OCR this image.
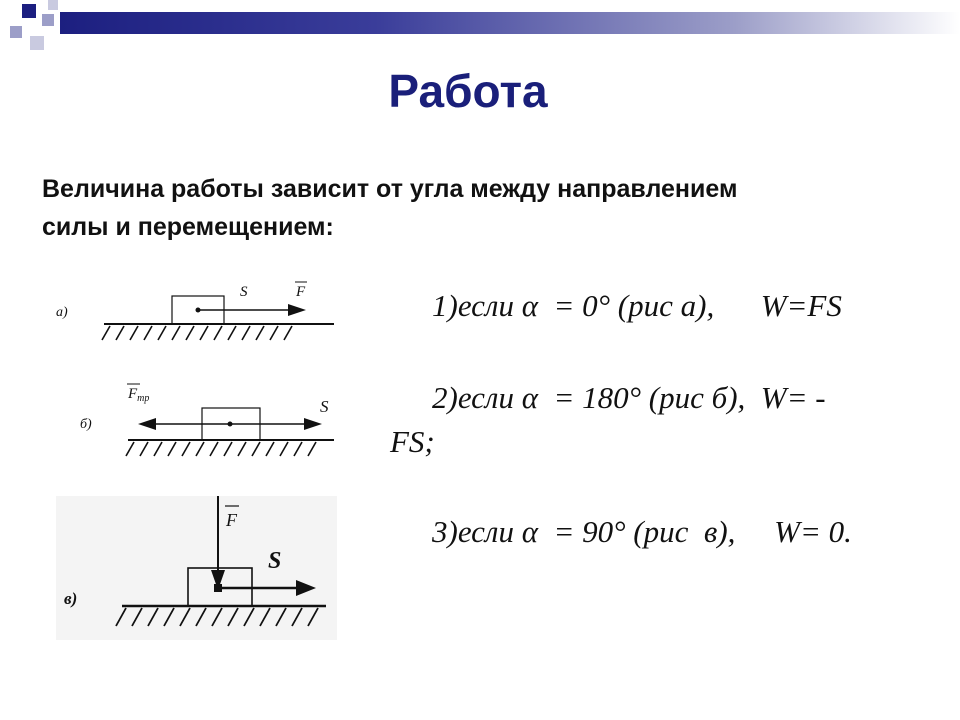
Работа
Величина работы зависит от угла между направлением
силы и перемещением:
а)
S	F
б)
$F_{тр}$	S
в)
F
S
1)если α  = 0° (рис а),      W=FS
2)если α  = 180° (рис б),  W= -
FS;
3)если α  = 90° (рис  в),     W= 0.
